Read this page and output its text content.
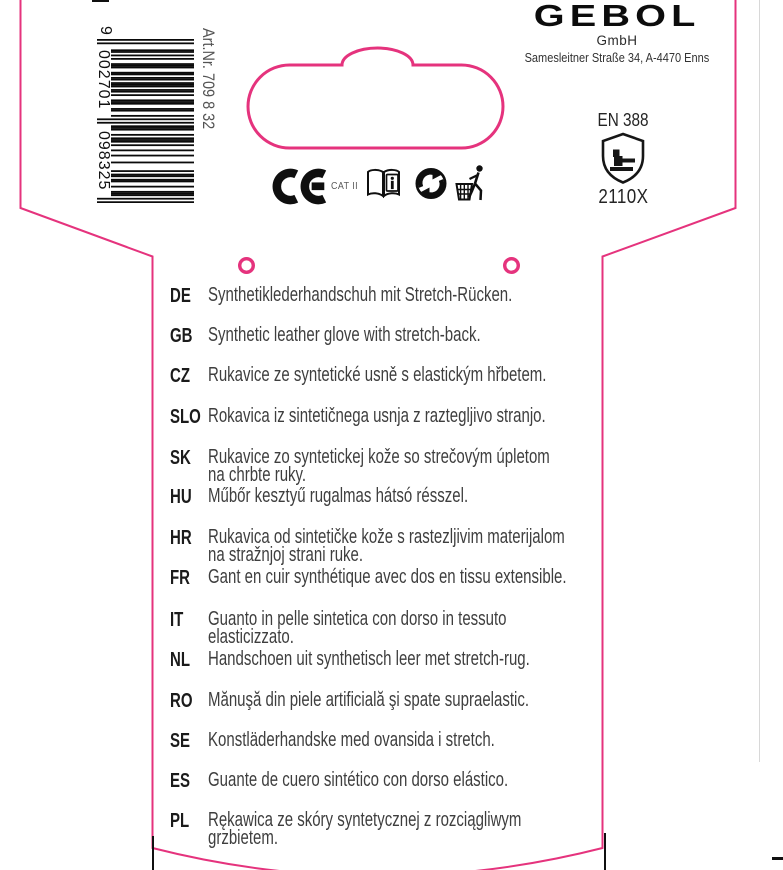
9
002701
098325
Art.Nr. 709 8 32
GEBOL
GmbH
Samesleitner Straße 34, A-4470 Enns
CAT II
EN 388
2110X
DE Synthetiklederhandschuh mit Stretch-Rücken.
GB Synthetic leather glove with stretch-back.
CZ Rukavice ze syntetické usně s elastickým hřbetem.
SLO Rokavica iz sintetičnega usnja z raztegljivo stranjo.
SK Rukavice zo syntetickej kože so strečovým úpletom
na chrbte ruky.
HU Műbőr kesztyű rugalmas hátsó résszel.
HR Rukavica od sintetičke kože s rastezljivim materijalom
na stražnjoj strani ruke.
FR Gant en cuir synthétique avec dos en tissu extensible.
IT Guanto in pelle sintetica con dorso in tessuto
elasticizzato.
NL Handschoen uit synthetisch leer met stretch-rug.
RO Mănuşă din piele artificială şi spate supraelastic.
SE Konstläderhandske med ovansida i stretch.
ES Guante de cuero sintético con dorso elástico.
PL Rękawica ze skóry syntetycznej z rozciągliwym
grzbietem.
